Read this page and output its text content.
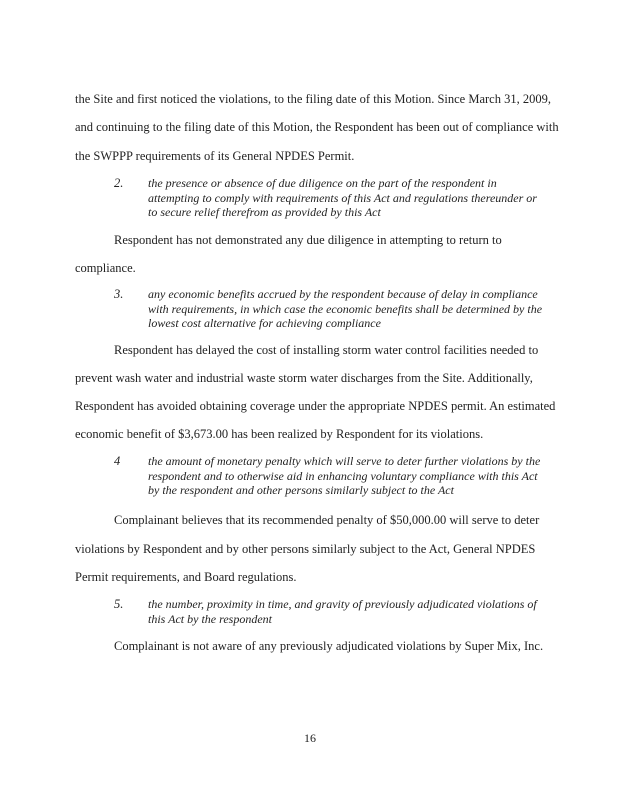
the Site and first noticed the violations, to the filing date of this Motion. Since March 31, 2009,
and continuing to the filing date of this Motion, the Respondent has been out of compliance with
the SWPPP requirements of its General NPDES Permit.
2. the presence or absence of due diligence on the part of the respondent in attempting to comply with requirements of this Act and regulations thereunder or to secure relief therefrom as provided by this Act
Respondent has not demonstrated any due diligence in attempting to return to
compliance.
3. any economic benefits accrued by the respondent because of delay in compliance with requirements, in which case the economic benefits shall be determined by the lowest cost alternative for achieving compliance
Respondent has delayed the cost of installing storm water control facilities needed to
prevent wash water and industrial waste storm water discharges from the Site. Additionally,
Respondent has avoided obtaining coverage under the appropriate NPDES permit. An estimated
economic benefit of $3,673.00 has been realized by Respondent for its violations.
4 the amount of monetary penalty which will serve to deter further violations by the respondent and to otherwise aid in enhancing voluntary compliance with this Act by the respondent and other persons similarly subject to the Act
Complainant believes that its recommended penalty of $50,000.00 will serve to deter
violations by Respondent and by other persons similarly subject to the Act, General NPDES
Permit requirements, and Board regulations.
5. the number, proximity in time, and gravity of previously adjudicated violations of this Act by the respondent
Complainant is not aware of any previously adjudicated violations by Super Mix, Inc.
16
